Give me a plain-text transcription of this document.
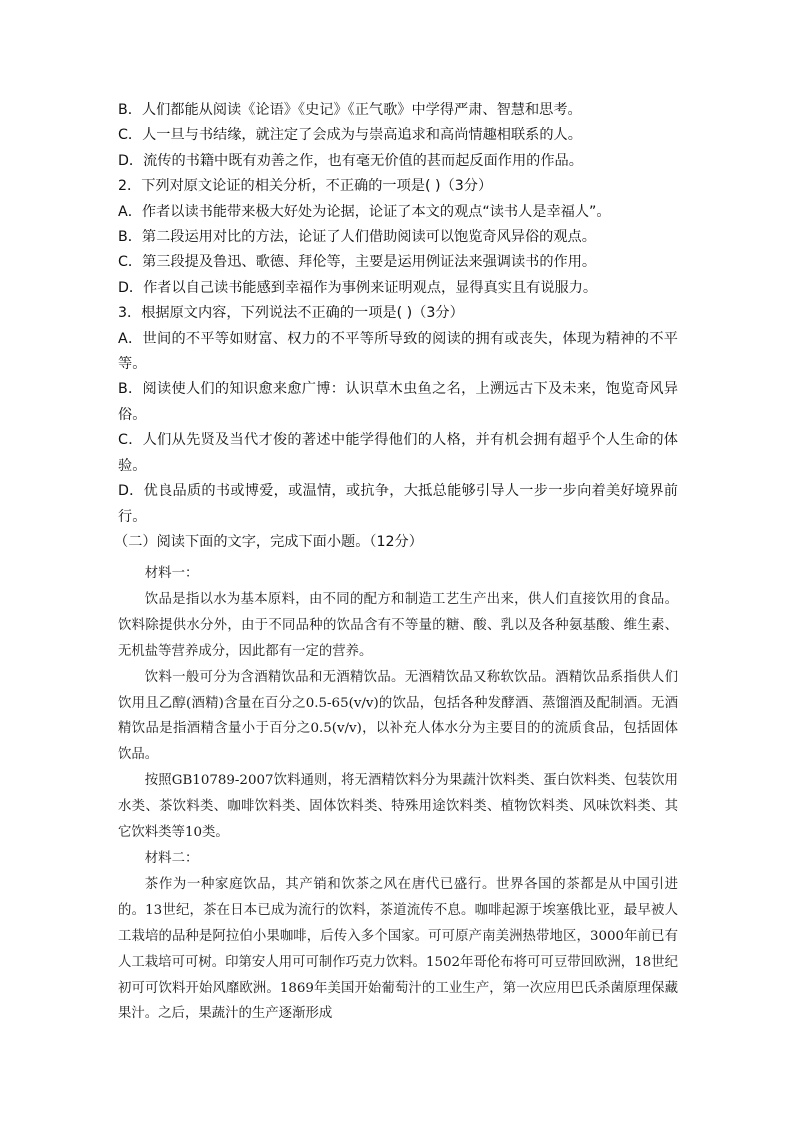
B．人们都能从阅读《论语》《史记》《正气歌》中学得严肃、智慧和思考。

C．人一旦与书结缘，就注定了会成为与崇高追求和高尚情趣相联系的人。

D．流传的书籍中既有劝善之作，也有毫无价值的甚而起反面作用的作品。

2．下列对原文论证的相关分析，不正确的一项是( )（3分）

A．作者以读书能带来极大好处为论据，论证了本文的观点“读书人是幸福人”。

B．第二段运用对比的方法，论证了人们借助阅读可以饱览奇风异俗的观点。

C．第三段提及鲁迅、歌德、拜伦等，主要是运用例证法来强调读书的作用。

D．作者以自己读书能感到幸福作为事例来证明观点，显得真实且有说服力。

3．根据原文内容，下列说法不正确的一项是( )（3分）

A．世间的不平等如财富、权力的不平等所导致的阅读的拥有或丧失，体现为精神的不平等。

B．阅读使人们的知识愈来愈广博：认识草木虫鱼之名，上溯远古下及未来，饱览奇风异俗。

C．人们从先贤及当代才俊的著述中能学得他们的人格，并有机会拥有超乎个人生命的体验。

D．优良品质的书或博爱，或温情，或抗争，大抵总能够引导人一步一步向着美好境界前行。

（二）阅读下面的文字，完成下面小题。（12分）

材料一：

饮品是指以水为基本原料，由不同的配方和制造工艺生产出来，供人们直接饮用的食品。饮料除提供水分外，由于不同品种的饮品含有不等量的糖、酸、乳以及各种氨基酸、维生素、无机盐等营养成分，因此都有一定的营养。

饮料一般可分为含酒精饮品和无酒精饮品。无酒精饮品又称软饮品。酒精饮品系指供人们饮用且乙醇(酒精)含量在百分之0.5-65(v/v)的饮品，包括各种发酵酒、蒸馏酒及配制酒。无酒精饮品是指酒精含量小于百分之0.5(v/v)，以补充人体水分为主要目的的流质食品，包括固体饮品。

按照GB10789-2007饮料通则，将无酒精饮料分为果蔬汁饮料类、蛋白饮料类、包装饮用水类、茶饮料类、咖啡饮料类、固体饮料类、特殊用途饮料类、植物饮料类、风味饮料类、其它饮料类等10类。

材料二：

茶作为一种家庭饮品，其产销和饮茶之风在唐代已盛行。世界各国的茶都是从中国引进的。13世纪，茶在日本已成为流行的饮料，茶道流传不息。咖啡起源于埃塞俄比亚，最早被人工栽培的品种是阿拉伯小果咖啡，后传入多个国家。可可原产南美洲热带地区，3000年前已有人工栽培可可树。印第安人用可可制作巧克力饮料。1502年哥伦布将可可豆带回欧洲，18世纪初可可饮料开始风靡欧洲。1869年美国开始葡萄汁的工业生产，第一次应用巴氏杀菌原理保藏果汁。之后，果蔬汁的生产逐渐形成
